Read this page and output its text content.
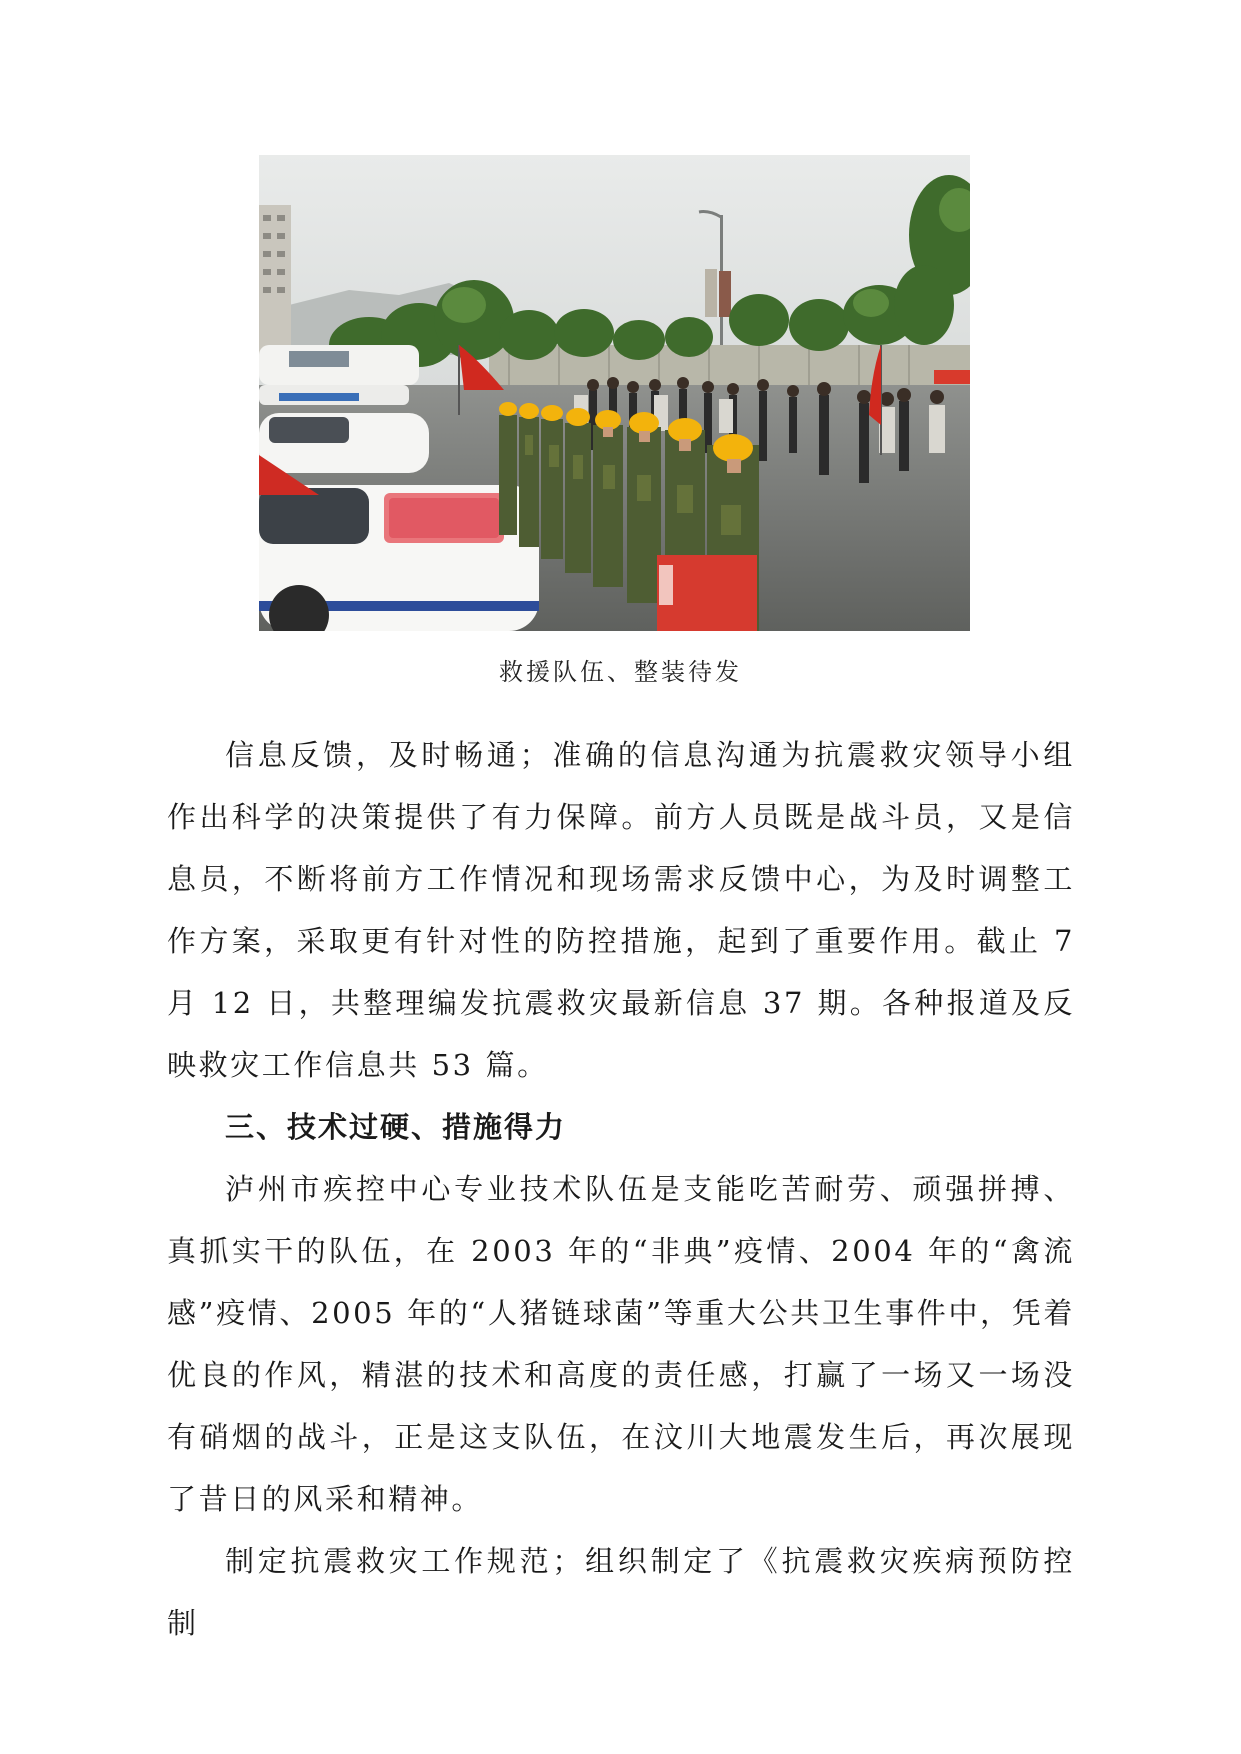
救援队伍、整装待发

信息反馈，及时畅通；准确的信息沟通为抗震救灾领导小组作出科学的决策提供了有力保障。前方人员既是战斗员，又是信息员，不断将前方工作情况和现场需求反馈中心，为及时调整工作方案，采取更有针对性的防控措施，起到了重要作用。截止 7 月 12 日，共整理编发抗震救灾最新信息 37 期。各种报道及反映救灾工作信息共 53 篇。

三、技术过硬、措施得力

泸州市疾控中心专业技术队伍是支能吃苦耐劳、顽强拼搏、真抓实干的队伍，在 2003 年的“非典”疫情、2004 年的“禽流感”疫情、2005 年的“人猪链球菌”等重大公共卫生事件中，凭着优良的作风，精湛的技术和高度的责任感，打赢了一场又一场没有硝烟的战斗，正是这支队伍，在汶川大地震发生后，再次展现了昔日的风采和精神。

制定抗震救灾工作规范；组织制定了《抗震救灾疾病预防控制
